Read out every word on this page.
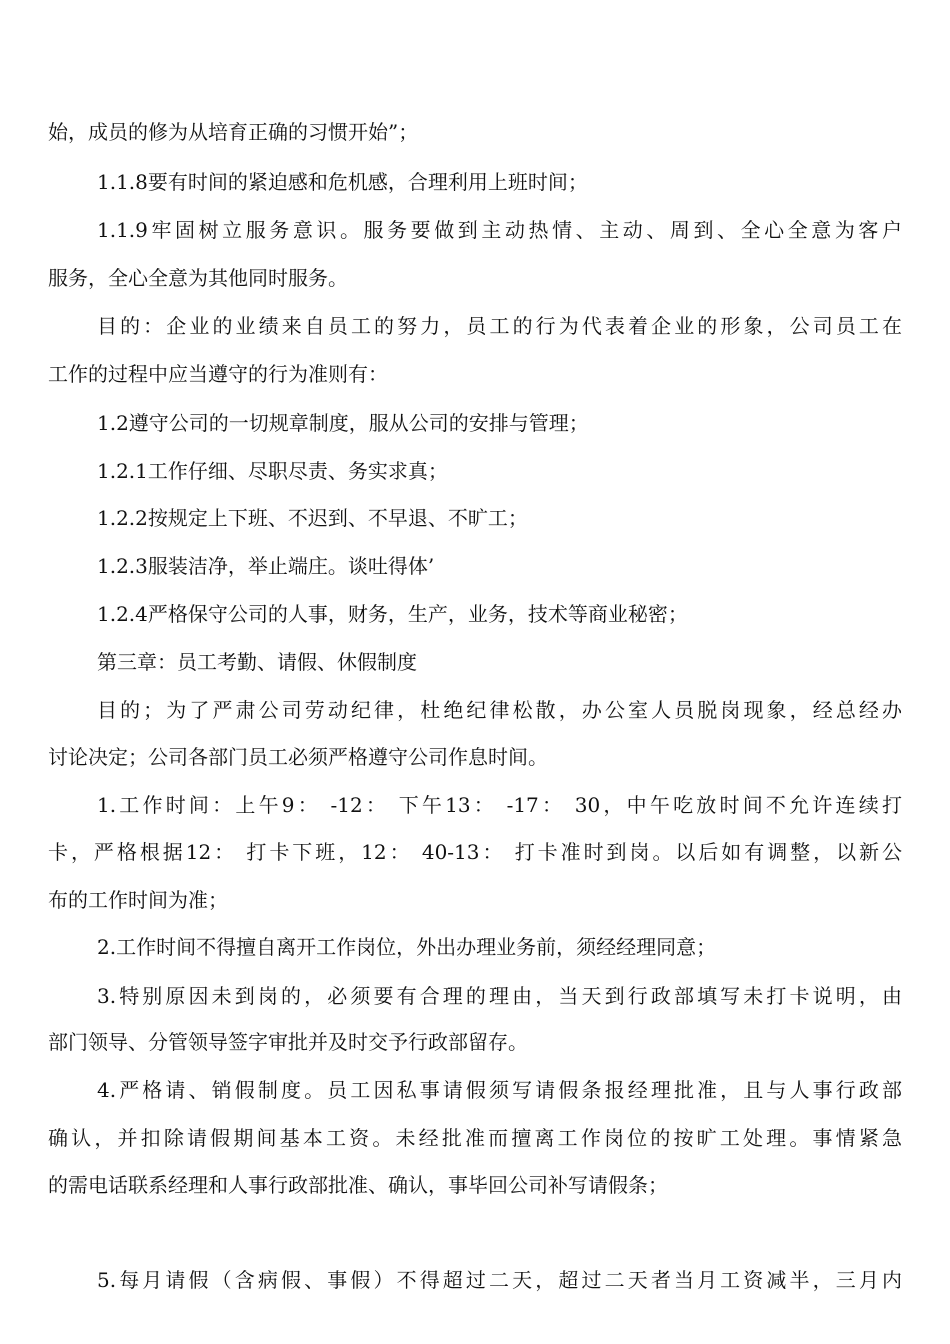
始，成员的修为从培育正确的习惯开始”；
1.1.8要有时间的紧迫感和危机感，合理利用上班时间；
1.1.9牢固树立服务意识。服务要做到主动热情、主动、周到、全心全意为客户
服务，全心全意为其他同时服务。
目的：企业的业绩来自员工的努力，员工的行为代表着企业的形象，公司员工在
工作的过程中应当遵守的行为准则有：
1.2遵守公司的一切规章制度，服从公司的安排与管理；
1.2.1工作仔细、尽职尽责、务实求真；
1.2.2按规定上下班、不迟到、不早退、不旷工；
1.2.3服装洁净，举止端庄。谈吐得体’
1.2.4严格保守公司的人事，财务，生产，业务，技术等商业秘密；
第三章：员工考勤、请假、休假制度
目的；为了严肃公司劳动纪律，杜绝纪律松散，办公室人员脱岗现象，经总经办
讨论决定；公司各部门员工必须严格遵守公司作息时间。
1.工作时间：上午9： -12： 下午13： -17： 30，中午吃放时间不允许连续打
卡，严格根据12： 打卡下班，12： 40-13： 打卡准时到岗。以后如有调整，以新公
布的工作时间为准；
2.工作时间不得擅自离开工作岗位，外出办理业务前，须经经理同意；
3.特别原因未到岗的，必须要有合理的理由，当天到行政部填写未打卡说明，由
部门领导、分管领导签字审批并及时交予行政部留存。
4.严格请、销假制度。员工因私事请假须写请假条报经理批准，且与人事行政部
确认，并扣除请假期间基本工资。未经批准而擅离工作岗位的按旷工处理。事情紧急
的需电话联系经理和人事行政部批准、确认，事毕回公司补写请假条；
5.每月请假（含病假、事假）不得超过二天，超过二天者当月工资减半，三月内
